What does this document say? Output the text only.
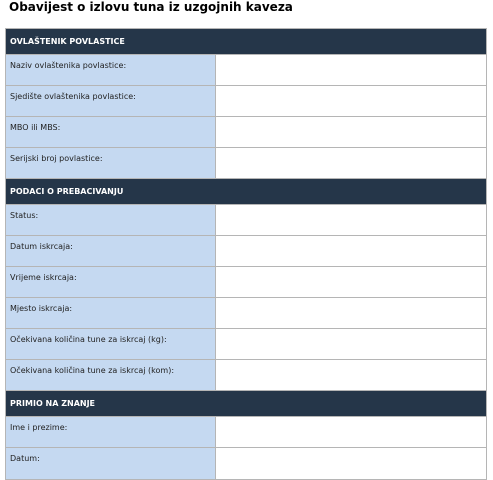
Obavijest o izlovu tuna iz uzgojnih kaveza
OVLAŠTENIK POVLASTICE
Naziv ovlaštenika povlastice:
Sjedište ovlaštenika povlastice:
MBO ili MBS:
Serijski broj povlastice:
PODACI O PREBACIVANJU
Status:
Datum iskrcaja:
Vrijeme iskrcaja:
Mjesto iskrcaja:
Očekivana količina tune za iskrcaj (kg):
Očekivana količina tune za iskrcaj (kom):
PRIMIO NA ZNANJE
Ime i prezime:
Datum:
